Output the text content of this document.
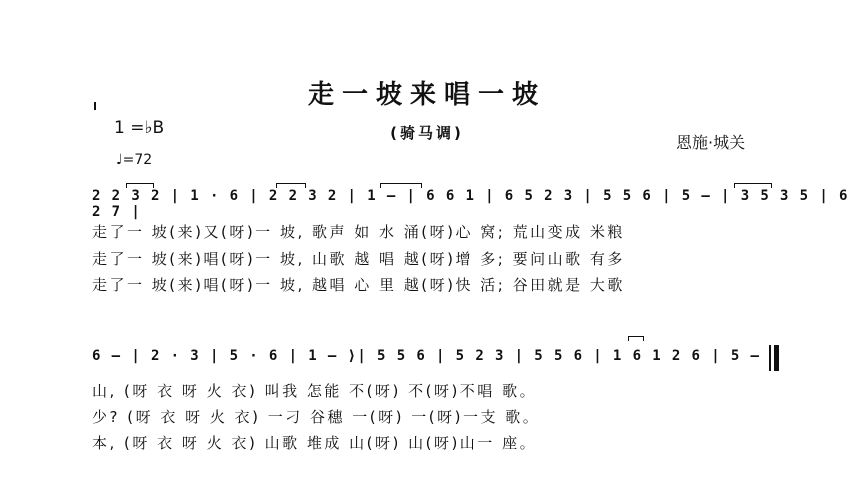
走一坡来唱一坡
(骑马调)
1 =♭B
♩=72
恩施·城关
2 2 3 2 | 1 · 6 | 2 2 3 2 | 1 — | 6 6 1 | 6 5 2 3 | 5 5 6 | 5 — | 3 5 3 5 | 6 2 7 |
走了一 坡(来)又(呀)一 坡, 歌声 如 水 涌(呀)心 窝; 荒山变成 米粮
走了一 坡(来)唱(呀)一 坡, 山歌 越 唱 越(呀)增 多; 要问山歌 有多
走了一 坡(来)唱(呀)一 坡, 越唱 心 里 越(呀)快 活; 谷田就是 大歌
6 — | 2 · 3 | 5 · 6 | 1 — ⟩| 5 5 6 | 5 2 3 | 5 5 6 | 1 6 1 2 6 | 5 —
山, (呀 衣 呀 火 衣) 叫我 怎能 不(呀) 不(呀)不唱 歌。
少? (呀 衣 呀 火 衣) 一刁 谷穗 一(呀) 一(呀)一支 歌。
本, (呀 衣 呀 火 衣) 山歌 堆成 山(呀) 山(呀)山一 座。
